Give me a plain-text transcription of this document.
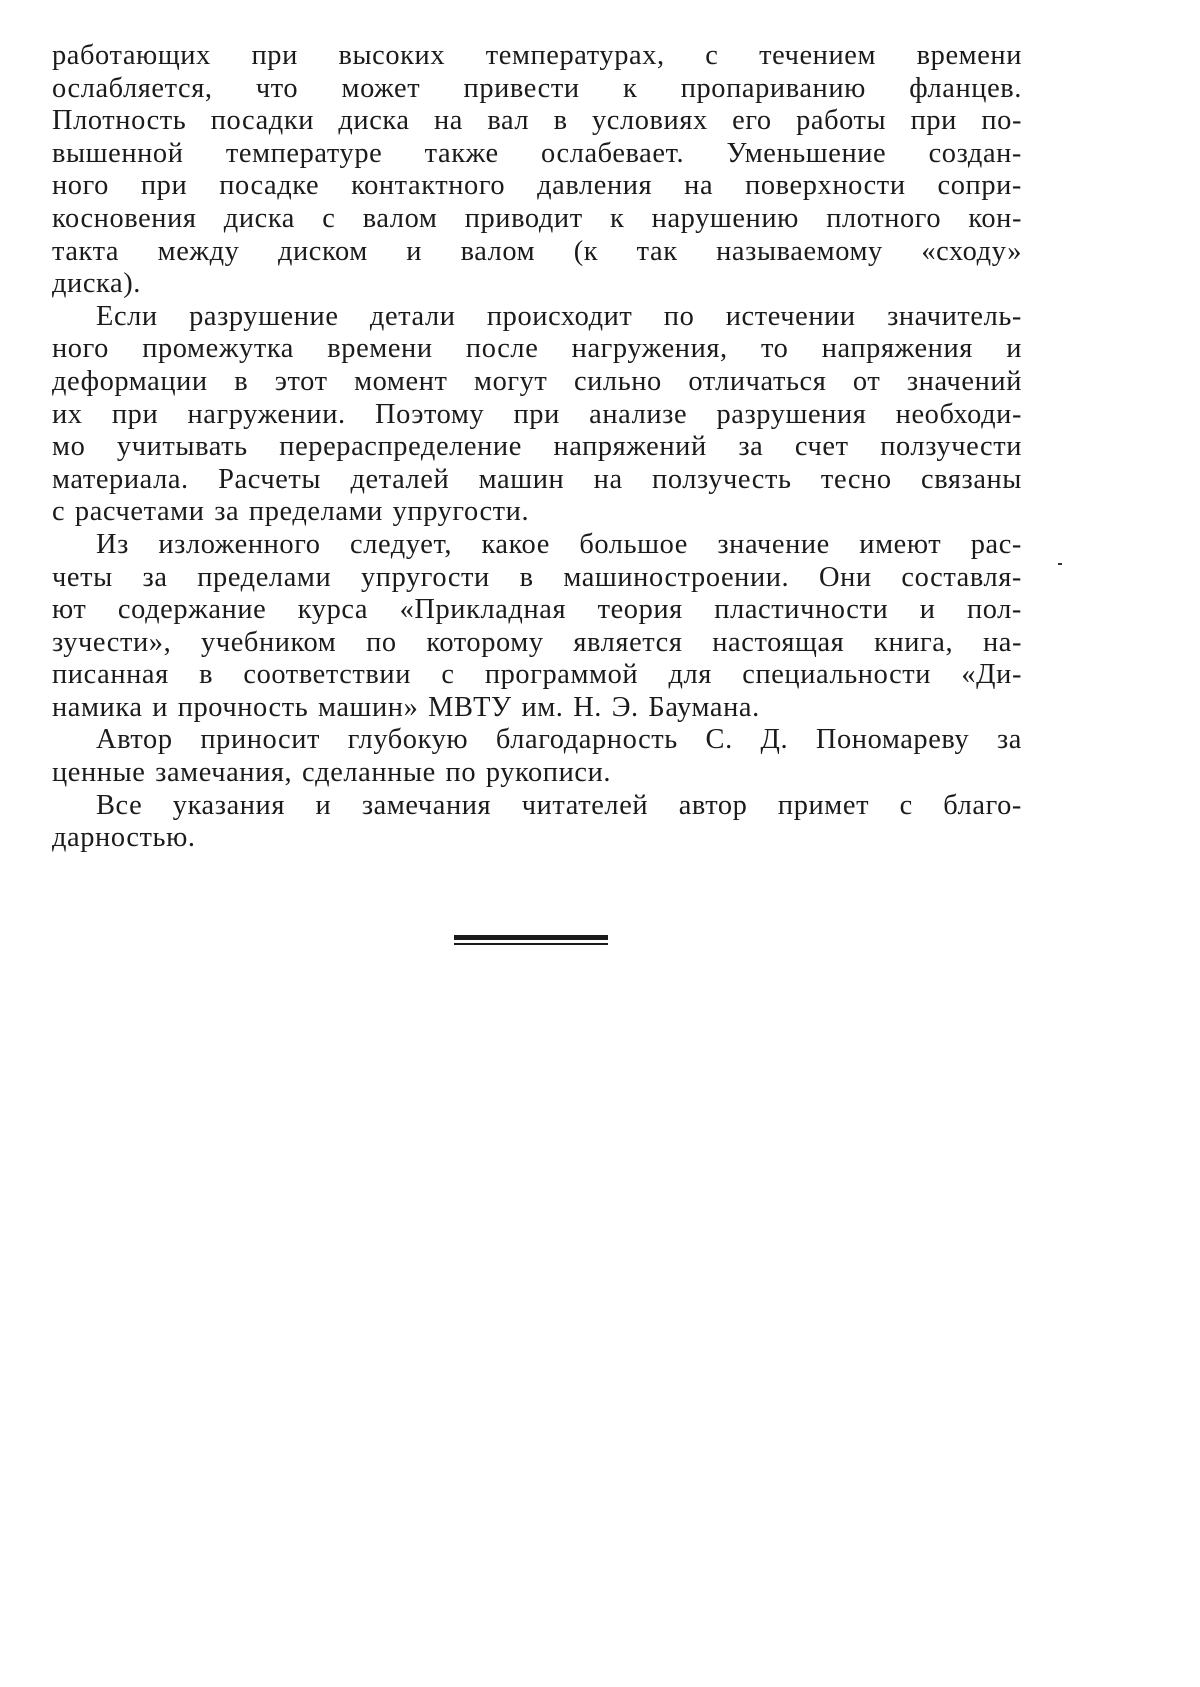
работающих при высоких температурах, с течением времени
ослабляется, что может привести к пропариванию фланцев.
Плотность посадки диска на вал в условиях его работы при по-
вышенной температуре также ослабевает. Уменьшение создан-
ного при посадке контактного давления на поверхности сопри-
косновения диска с валом приводит к нарушению плотного кон-
такта между диском и валом (к так называемому «сходу»
диска).
Если разрушение детали происходит по истечении значитель-
ного промежутка времени после нагружения, то напряжения и
деформации в этот момент могут сильно отличаться от значений
их при нагружении. Поэтому при анализе разрушения необходи-
мо учитывать перераспределение напряжений за счет ползучести
материала. Расчеты деталей машин на ползучесть тесно связаны
с расчетами за пределами упругости.
Из изложенного следует, какое большое значение имеют рас-
четы за пределами упругости в машиностроении. Они составля-
ют содержание курса «Прикладная теория пластичности и пол-
зучести», учебником по которому является настоящая книга, на-
писанная в соответствии с программой для специальности «Ди-
намика и прочность машин» МВТУ им. Н. Э. Баумана.
Автор приносит глубокую благодарность С. Д. Пономареву за
ценные замечания, сделанные по рукописи.
Все указания и замечания читателей автор примет с благо-
дарностью.
